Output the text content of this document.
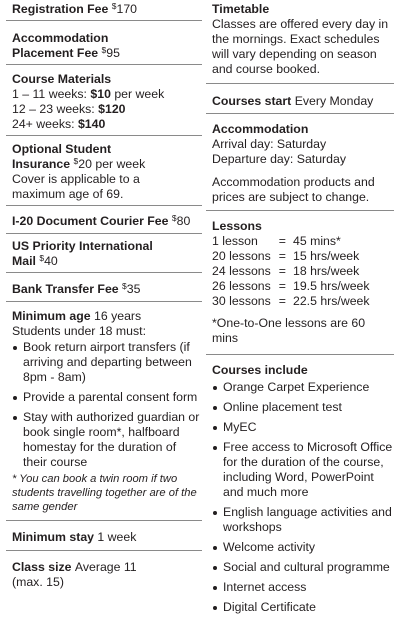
Registration Fee $170
Accommodation
Placement Fee $95
Course Materials
1 – 11 weeks: $10 per week
12 – 23 weeks: $120
24+ weeks: $140
Optional Student
Insurance $20 per week
Cover is applicable to a maximum age of 69.
I-20 Document Courier Fee $80
US Priority International
Mail $40
Bank Transfer Fee $35
Minimum age 16 years
Students under 18 must:
Book return airport transfers (if arriving and departing between 8pm - 8am)
Provide a parental consent form
Stay with authorized guardian or book single room*, halfboard homestay for the duration of their course
* You can book a twin room if two students travelling together are of the same gender
Minimum stay 1 week
Class size Average 11
(max. 15)
Timetable
Classes are offered every day in the mornings. Exact schedules will vary depending on season and course booked.
Courses start Every Monday
Accommodation
Arrival day: Saturday
Departure day: Saturday
Accommodation products and prices are subject to change.
Lessons
1 lesson	=	45 mins*
20 lessons	=	15 hrs/week
24 lessons	=	18 hrs/week
26 lessons	=	19.5 hrs/week
30 lessons	=	22.5 hrs/week
*One-to-One lessons are 60 mins
Courses include
Orange Carpet Experience
Online placement test
MyEC
Free access to Microsoft Office for the duration of the course, including Word, PowerPoint and much more
English language activities and workshops
Welcome activity
Social and cultural programme
Internet access
Digital Certificate
